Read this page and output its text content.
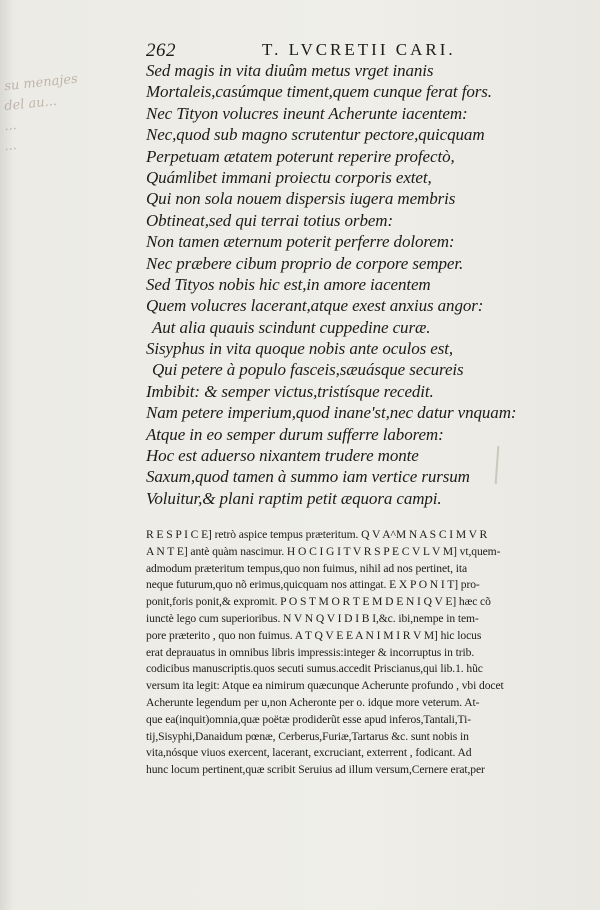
262	T. LVCRETII CARI.
su menajes
del au...
...
...
Sed magis in vita diuûm metus vrget inanis
Mortaleis,casúmque timent,quem cunque ferat fors.
Nec Tityon volucres ineunt Acherunte iacentem:
Nec,quod sub magno scrutentur pectore,quicquam
Perpetuam ætatem poterunt reperire profectò,
Quámlibet immani proiectu corporis extet,
Qui non sola nouem dispersis iugera membris
Obtineat,sed qui terrai totius orbem:
Non tamen æternum poterit perferre dolorem:
Nec præbere cibum proprio de corpore semper.
Sed Tityos nobis hic est,in amore iacentem
Quem volucres lacerant,atque exest anxius angor:
Aut alia quauis scindunt cuppedine curæ.
Sisyphus in vita quoque nobis ante oculos est,
Qui petere à populo fasceis,sæuásque secureis
Imbibit: & semper victus,tristísque recedit.
Nam petere imperium,quod inane'st,nec datur vnquam:
Atque in eo semper durum sufferre laborem:
Hoc est aduerso nixantem trudere monte
Saxum,quod tamen à summo iam vertice rursum
Voluitur,& plani raptim petit æquora campi.
R E S P I C E] retrò aspice tempus præteritum. Q V A^M N A S C I M V R
A N T E] antè quàm nascimur. H O C I G I T V R S P E C V L V M] vt,quem-
admodum præteritum tempus,quo non fuimus, nihil ad nos pertinet, ita
neque futurum,quo nõ erimus,quicquam nos attingat. E X P O N I T] pro-
ponit,foris ponit,& expromit. P O S T M O R T E M D E N I Q V E] hæc cõ
iunctè lego cum superioribus. N V N Q V I D I B I,&c. ibi,nempe in tem-
pore præterito , quo non fuimus. A T Q V E E A N I M I R V M] hic locus
erat deprauatus in omnibus libris impressis:integer & incorruptus in trib.
codicibus manuscriptis.quos secuti sumus.accedit Priscianus,qui lib.1. hũc
versum ita legit: Atque ea nimirum quæcunque Acherunte profundo , vbi docet
Acherunte legendum per u,non Acheronte per o. idque more veterum. At-
que ea(inquit)omnia,quæ poëtæ prodiderũt esse apud inferos,Tantali,Ti-
tij,Sisyphi,Danaidum pœnæ, Cerberus,Furiæ,Tartarus &c. sunt nobis in
vita,nósque viuos exercent, lacerant, excruciant, exterrent , fodicant. Ad
hunc locum pertinent,quæ scribit Seruius ad illum versum,Cernere erat,per
